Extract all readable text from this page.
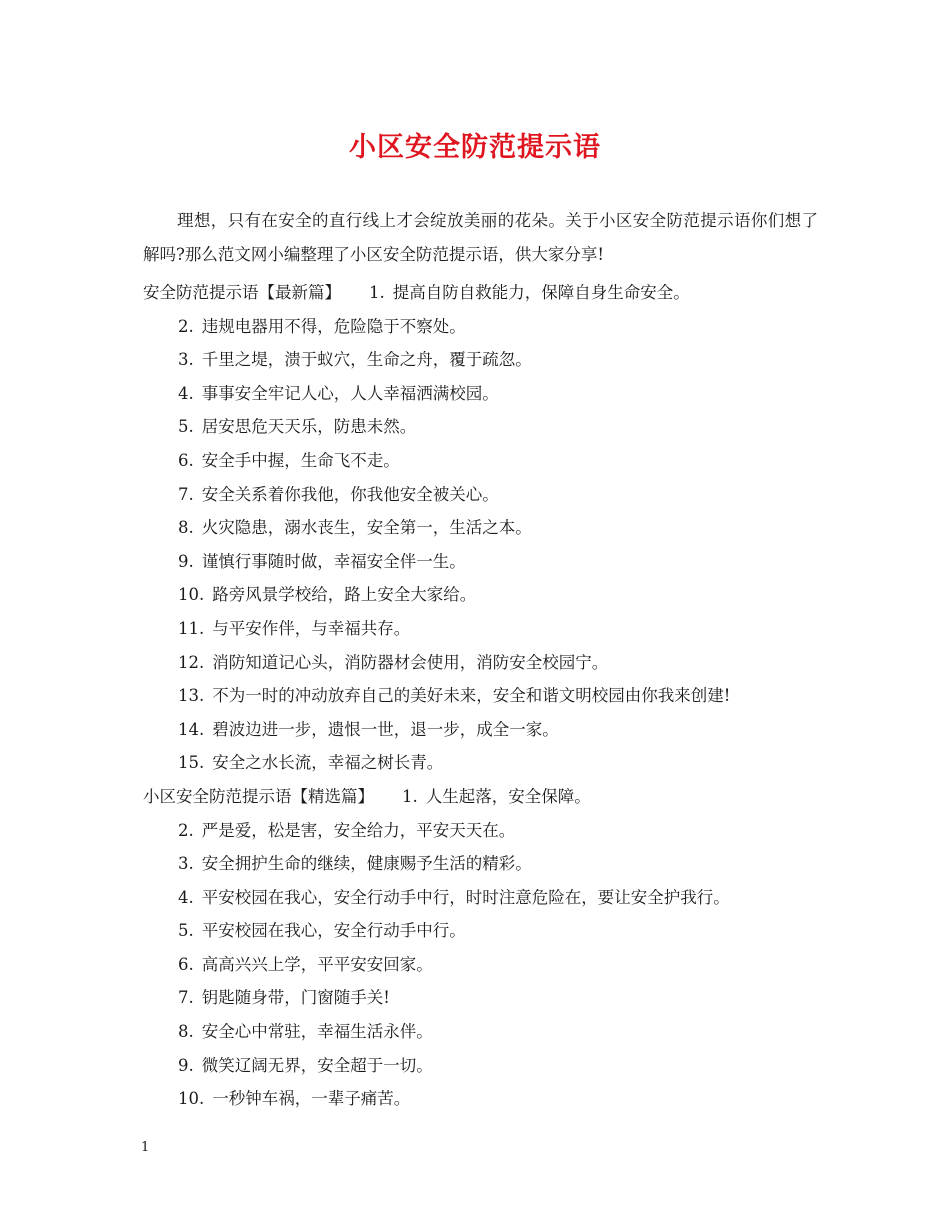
小区安全防范提示语
理想，只有在安全的直行线上才会绽放美丽的花朵。关于小区安全防范提示语你们想了解吗?那么范文网小编整理了小区安全防范提示语，供大家分享!
安全防范提示语【最新篇】 1. 提高自防自救能力，保障自身生命安全。
2. 违规电器用不得，危险隐于不察处。
3. 千里之堤，溃于蚁穴，生命之舟，覆于疏忽。
4. 事事安全牢记人心，人人幸福洒满校园。
5. 居安思危天天乐，防患未然。
6. 安全手中握，生命飞不走。
7. 安全关系着你我他，你我他安全被关心。
8. 火灾隐患，溺水丧生，安全第一，生活之本。
9. 谨慎行事随时做，幸福安全伴一生。
10. 路旁风景学校给，路上安全大家给。
11. 与平安作伴，与幸福共存。
12. 消防知道记心头，消防器材会使用，消防安全校园宁。
13. 不为一时的冲动放弃自己的美好未来，安全和谐文明校园由你我来创建!
14. 碧波边进一步，遗恨一世，退一步，成全一家。
15. 安全之水长流，幸福之树长青。
小区安全防范提示语【精选篇】 1. 人生起落，安全保障。
2. 严是爱，松是害，安全给力，平安天天在。
3. 安全拥护生命的继续，健康赐予生活的精彩。
4. 平安校园在我心，安全行动手中行，时时注意危险在，要让安全护我行。
5. 平安校园在我心，安全行动手中行。
6. 高高兴兴上学，平平安安回家。
7. 钥匙随身带，门窗随手关!
8. 安全心中常驻，幸福生活永伴。
9. 微笑辽阔无界，安全超于一切。
10. 一秒钟车祸，一辈子痛苦。
1
